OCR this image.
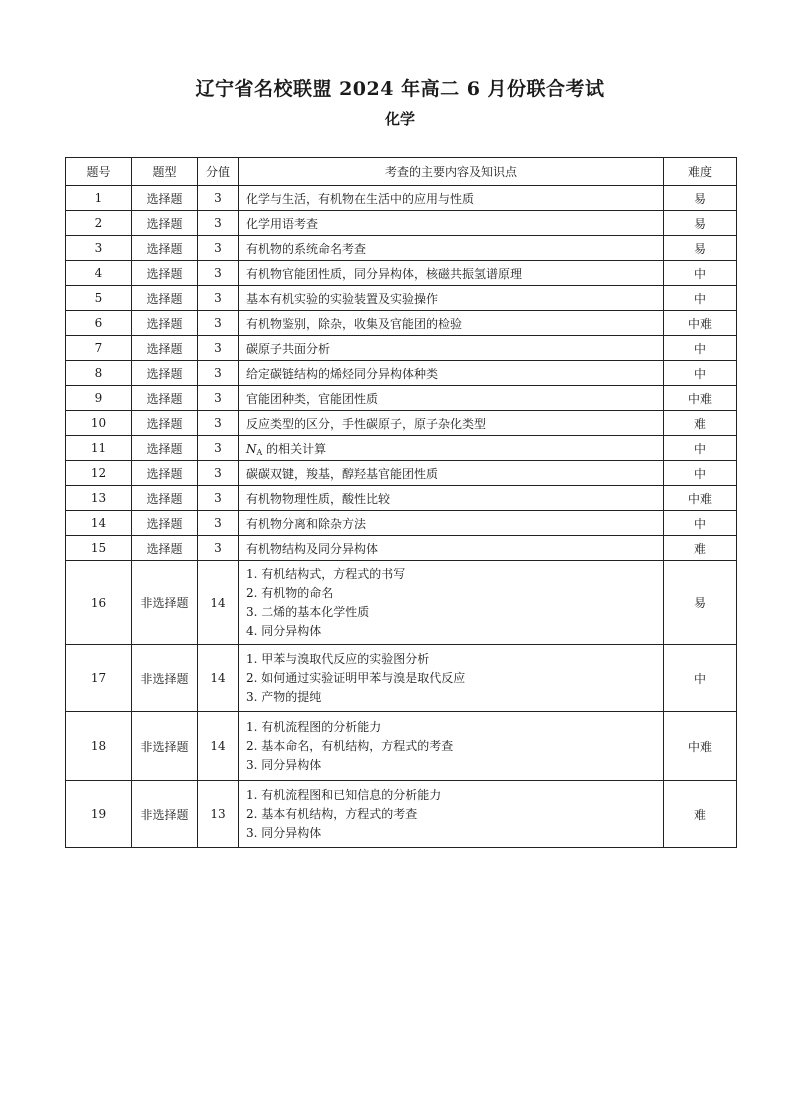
辽宁省名校联盟 2024 年高二 6 月份联合考试
化学
题号	题型	分值	考查的主要内容及知识点	难度
1	选择题	3	化学与生活，有机物在生活中的应用与性质	易
2	选择题	3	化学用语考查	易
3	选择题	3	有机物的系统命名考查	易
4	选择题	3	有机物官能团性质，同分异构体，核磁共振氢谱原理	中
5	选择题	3	基本有机实验的实验装置及实验操作	中
6	选择题	3	有机物鉴别，除杂，收集及官能团的检验	中难
7	选择题	3	碳原子共面分析	中
8	选择题	3	给定碳链结构的烯烃同分异构体种类	中
9	选择题	3	官能团种类，官能团性质	中难
10	选择题	3	反应类型的区分，手性碳原子，原子杂化类型	难
11	选择题	3	NA 的相关计算	中
12	选择题	3	碳碳双键，羧基，醇羟基官能团性质	中
13	选择题	3	有机物物理性质，酸性比较	中难
14	选择题	3	有机物分离和除杂方法	中
15	选择题	3	有机物结构及同分异构体	难
16	非选择题	14	1. 有机结构式，方程式的书写
2. 有机物的命名
3. 二烯的基本化学性质
4. 同分异构体	易
17	非选择题	14	1. 甲苯与溴取代反应的实验图分析
2. 如何通过实验证明甲苯与溴是取代反应
3. 产物的提纯	中
18	非选择题	14	1. 有机流程图的分析能力
2. 基本命名，有机结构，方程式的考查
3. 同分异构体	中难
19	非选择题	13	1. 有机流程图和已知信息的分析能力
2. 基本有机结构，方程式的考查
3. 同分异构体	难
